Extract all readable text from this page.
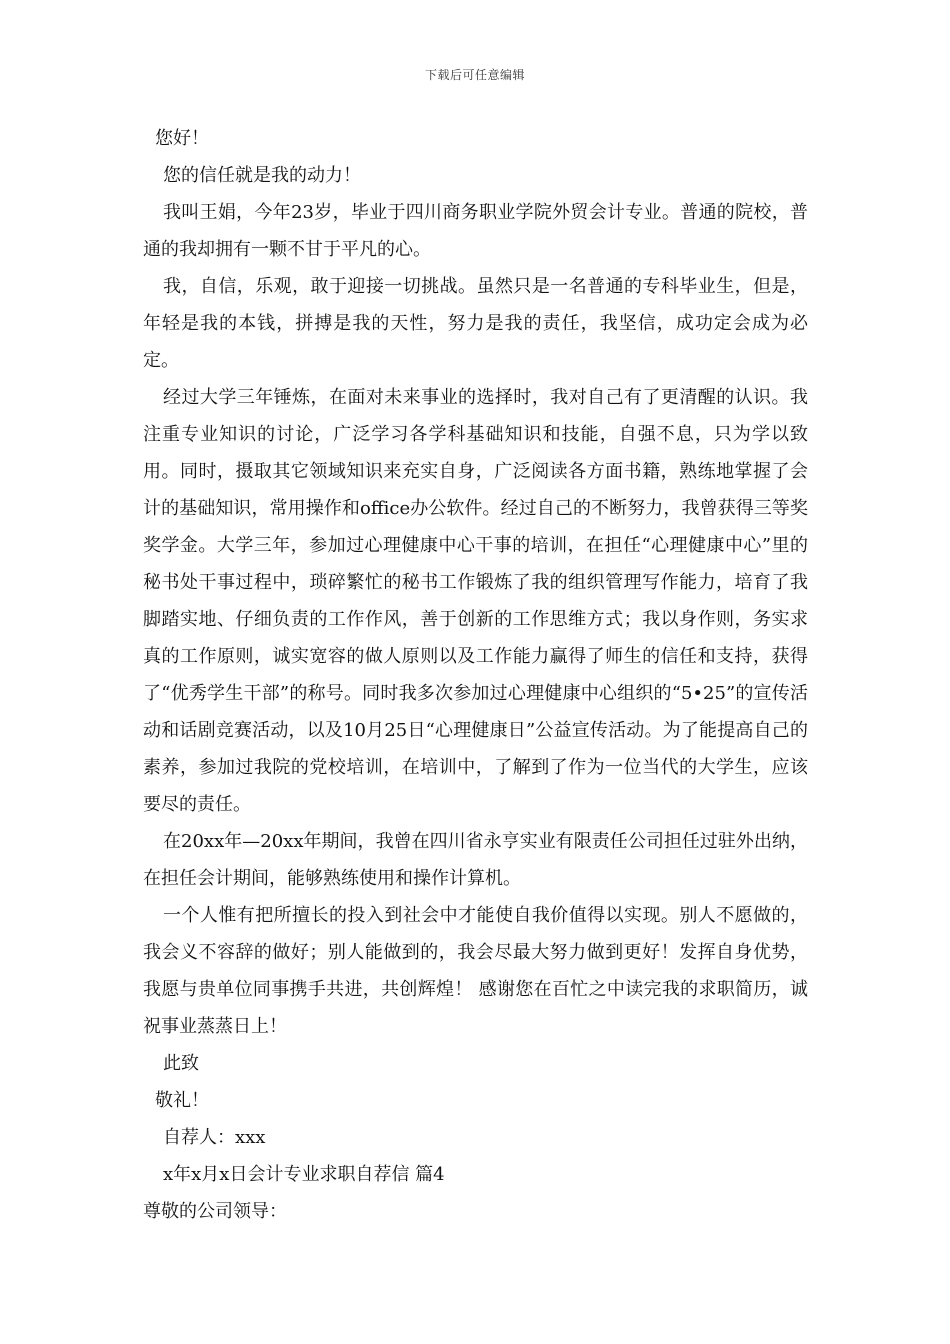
下载后可任意编辑

您好！

您的信任就是我的动力！

我叫王娟，今年23岁，毕业于四川商务职业学院外贸会计专业。普通的院校，普通的我却拥有一颗不甘于平凡的心。

我，自信，乐观，敢于迎接一切挑战。虽然只是一名普通的专科毕业生，但是，年轻是我的本钱，拼搏是我的天性，努力是我的责任，我坚信，成功定会成为必定。

经过大学三年锤炼，在面对未来事业的选择时，我对自己有了更清醒的认识。我注重专业知识的讨论，广泛学习各学科基础知识和技能，自强不息，只为学以致用。同时，摄取其它领域知识来充实自身，广泛阅读各方面书籍，熟练地掌握了会计的基础知识，常用操作和office办公软件。经过自己的不断努力，我曾获得三等奖奖学金。大学三年，参加过心理健康中心干事的培训，在担任“心理健康中心”里的秘书处干事过程中，琐碎繁忙的秘书工作锻炼了我的组织管理写作能力，培育了我脚踏实地、仔细负责的工作作风，善于创新的工作思维方式；我以身作则，务实求真的工作原则，诚实宽容的做人原则以及工作能力赢得了师生的信任和支持，获得了“优秀学生干部”的称号。同时我多次参加过心理健康中心组织的“5•25”的宣传活动和话剧竞赛活动，以及10月25日“心理健康日”公益宣传活动。为了能提高自己的素养，参加过我院的党校培训，在培训中，了解到了作为一位当代的大学生，应该要尽的责任。

在20xx年—20xx年期间，我曾在四川省永亨实业有限责任公司担任过驻外出纳，在担任会计期间，能够熟练使用和操作计算机。

一个人惟有把所擅长的投入到社会中才能使自我价值得以实现。别人不愿做的，我会义不容辞的做好；别人能做到的，我会尽最大努力做到更好！发挥自身优势，我愿与贵单位同事携手共进，共创辉煌！ 感谢您在百忙之中读完我的求职简历，诚祝事业蒸蒸日上！

此致

敬礼！

自荐人：xxx

x年x月x日会计专业求职自荐信 篇4

尊敬的公司领导：
